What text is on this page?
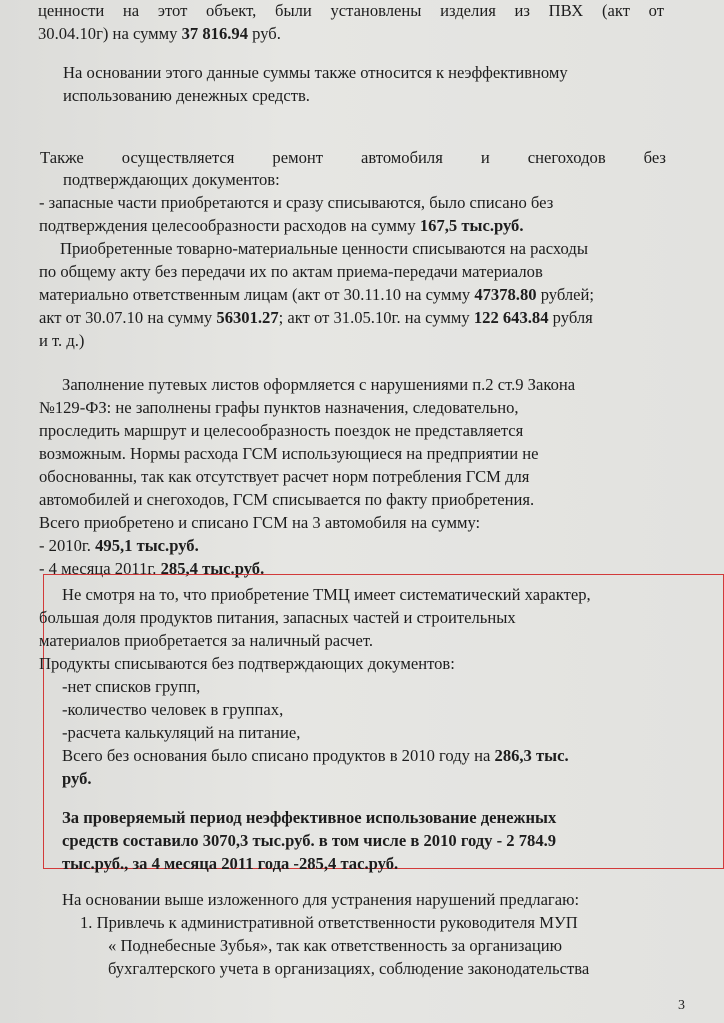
ценности на этот объект, были установлены изделия из ПВХ (акт от
30.04.10г) на сумму 37 816.94 руб.
На основании этого данные суммы также относится к неэффективному
использованию денежных средств.
Также осуществляется ремонт автомобиля и снегоходов без
подтверждающих документов:
- запасные части приобретаются и сразу списываются, было списано без
подтверждения целесообразности расходов на сумму 167,5 тыс.руб.
Приобретенные товарно-материальные ценности списываются на расходы
по общему акту без передачи их по актам приема-передачи материалов
материально ответственным лицам (акт от 30.11.10 на сумму 47378.80 рублей;
акт от 30.07.10 на сумму 56301.27; акт от 31.05.10г. на сумму 122 643.84 рубля
и т. д.)
Заполнение путевых листов оформляется с нарушениями п.2 ст.9 Закона
№129-ФЗ: не заполнены графы пунктов назначения, следовательно,
проследить маршрут и целесообразность поездок не представляется
возможным. Нормы расхода ГСМ использующиеся на предприятии не
обоснованны, так как отсутствует расчет норм потребления ГСМ для
автомобилей и снегоходов, ГСМ списывается по факту приобретения.
Всего приобретено и списано ГСМ на 3 автомобиля на сумму:
- 2010г. 495,1 тыс.руб.
- 4 месяца 2011г. 285,4 тыс.руб.
Не смотря на то, что приобретение ТМЦ имеет систематический характер,
большая доля продуктов питания, запасных частей и строительных
материалов приобретается за наличный расчет.
Продукты списываются без подтверждающих документов:
-нет списков групп,
-количество человек в группах,
-расчета калькуляций на питание,
Всего без основания было списано продуктов в 2010 году на 286,3 тыс.
руб.
За проверяемый период неэффективное использование денежных
средств составило 3070,3 тыс.руб. в том числе в 2010 году - 2 784.9
тыс.руб., за 4 месяца 2011 года -285,4 тас.руб.
На основании выше изложенного для устранения нарушений предлагаю:
1. Привлечь к административной ответственности руководителя МУП
« Поднебесные Зубья», так как ответственность за организацию
бухгалтерского учета в организациях, соблюдение законодательства
3
